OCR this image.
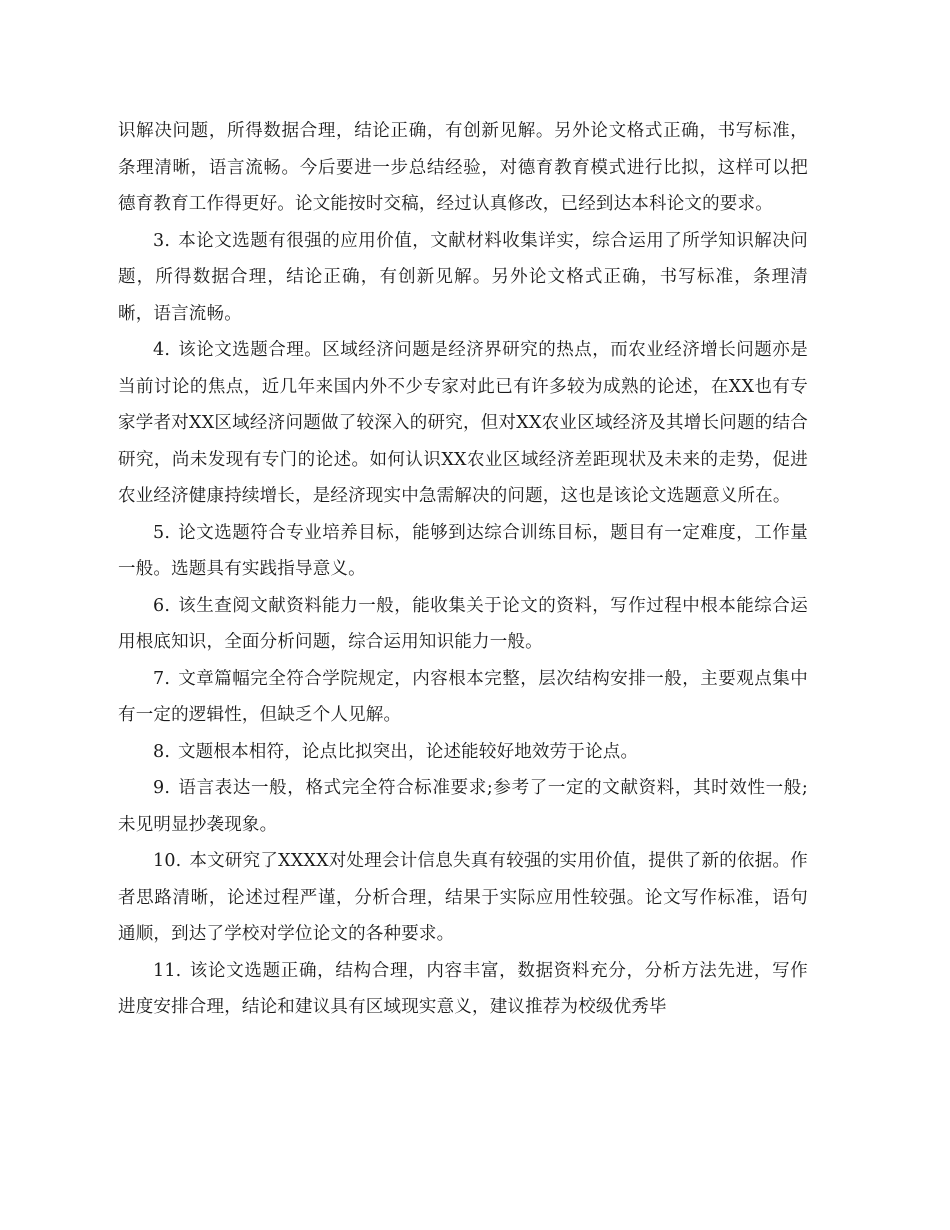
识解决问题，所得数据合理，结论正确，有创新见解。另外论文格式正确，书写标准，条理清晰，语言流畅。今后要进一步总结经验，对德育教育模式进行比拟，这样可以把德育教育工作得更好。论文能按时交稿，经过认真修改，已经到达本科论文的要求。

3. 本论文选题有很强的应用价值，文献材料收集详实，综合运用了所学知识解决问题，所得数据合理，结论正确，有创新见解。另外论文格式正确，书写标准，条理清晰，语言流畅。

4. 该论文选题合理。区域经济问题是经济界研究的热点，而农业经济增长问题亦是当前讨论的焦点，近几年来国内外不少专家对此已有许多较为成熟的论述，在XX也有专家学者对XX区域经济问题做了较深入的研究，但对XX农业区域经济及其增长问题的结合研究，尚未发现有专门的论述。如何认识XX农业区域经济差距现状及未来的走势，促进农业经济健康持续增长，是经济现实中急需解决的问题，这也是该论文选题意义所在。

5. 论文选题符合专业培养目标，能够到达综合训练目标，题目有一定难度，工作量一般。选题具有实践指导意义。

6. 该生查阅文献资料能力一般，能收集关于论文的资料，写作过程中根本能综合运用根底知识，全面分析问题，综合运用知识能力一般。

7. 文章篇幅完全符合学院规定，内容根本完整，层次结构安排一般，主要观点集中有一定的逻辑性，但缺乏个人见解。

8. 文题根本相符，论点比拟突出，论述能较好地效劳于论点。

9. 语言表达一般，格式完全符合标准要求;参考了一定的文献资料，其时效性一般;未见明显抄袭现象。

10. 本文研究了XXXX对处理会计信息失真有较强的实用价值，提供了新的依据。作者思路清晰，论述过程严谨，分析合理，结果于实际应用性较强。论文写作标准，语句通顺，到达了学校对学位论文的各种要求。

11. 该论文选题正确，结构合理，内容丰富，数据资料充分，分析方法先进，写作进度安排合理，结论和建议具有区域现实意义，建议推荐为校级优秀毕
